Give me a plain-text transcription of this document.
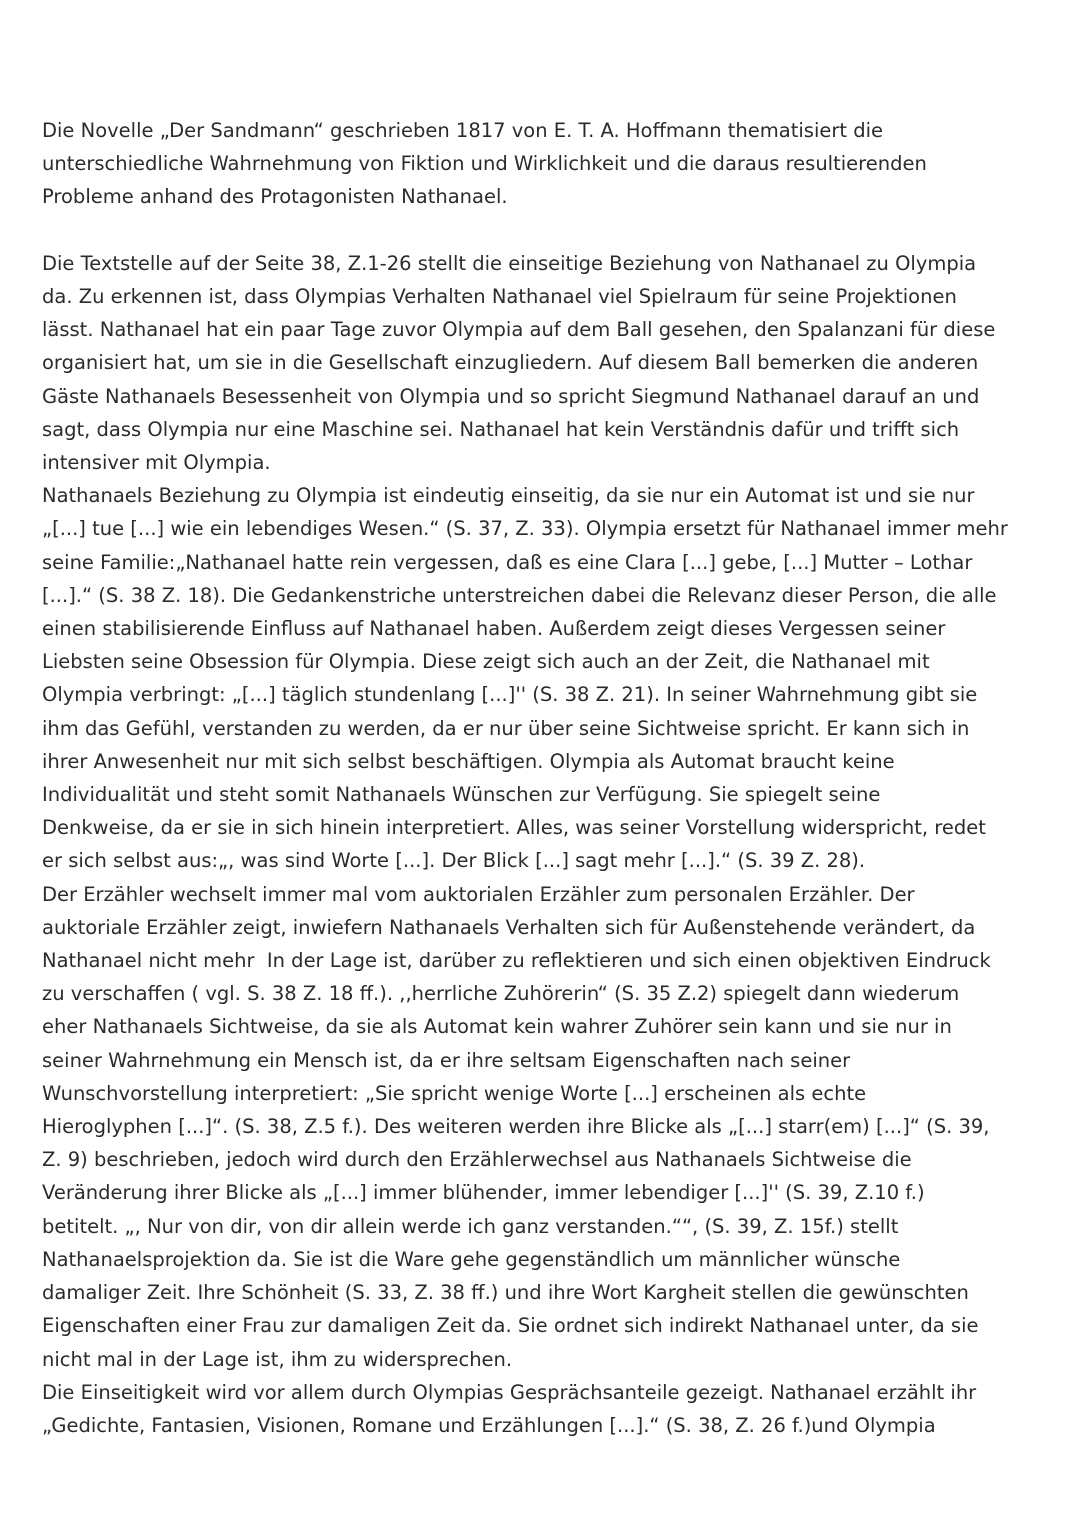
Die Novelle „Der Sandmann“ geschrieben 1817 von E. T. A. Hoffmann thematisiert die
unterschiedliche Wahrnehmung von Fiktion und Wirklichkeit und die daraus resultierenden
Probleme anhand des Protagonisten Nathanael.

Die Textstelle auf der Seite 38, Z.1-26 stellt die einseitige Beziehung von Nathanael zu Olympia
da. Zu erkennen ist, dass Olympias Verhalten Nathanael viel Spielraum für seine Projektionen
lässt. Nathanael hat ein paar Tage zuvor Olympia auf dem Ball gesehen, den Spalanzani für diese
organisiert hat, um sie in die Gesellschaft einzugliedern. Auf diesem Ball bemerken die anderen
Gäste Nathanaels Besessenheit von Olympia und so spricht Siegmund Nathanael darauf an und
sagt, dass Olympia nur eine Maschine sei. Nathanael hat kein Verständnis dafür und trifft sich
intensiver mit Olympia.

Nathanaels Beziehung zu Olympia ist eindeutig einseitig, da sie nur ein Automat ist und sie nur
„[...] tue [...] wie ein lebendiges Wesen.“ (S. 37, Z. 33). Olympia ersetzt für Nathanael immer mehr
seine Familie:„Nathanael hatte rein vergessen, daß es eine Clara [...] gebe, [...] Mutter – Lothar
[...].“ (S. 38 Z. 18). Die Gedankenstriche unterstreichen dabei die Relevanz dieser Person, die alle
einen stabilisierende Einfluss auf Nathanael haben. Außerdem zeigt dieses Vergessen seiner
Liebsten seine Obsession für Olympia. Diese zeigt sich auch an der Zeit, die Nathanael mit
Olympia verbringt: „[...] täglich stundenlang [...]'' (S. 38 Z. 21). In seiner Wahrnehmung gibt sie
ihm das Gefühl, verstanden zu werden, da er nur über seine Sichtweise spricht. Er kann sich in
ihrer Anwesenheit nur mit sich selbst beschäftigen. Olympia als Automat braucht keine
Individualität und steht somit Nathanaels Wünschen zur Verfügung. Sie spiegelt seine
Denkweise, da er sie in sich hinein interpretiert. Alles, was seiner Vorstellung widerspricht, redet
er sich selbst aus:„, was sind Worte [...]. Der Blick [...] sagt mehr [...].“ (S. 39 Z. 28).

Der Erzähler wechselt immer mal vom auktorialen Erzähler zum personalen Erzähler. Der
auktoriale Erzähler zeigt, inwiefern Nathanaels Verhalten sich für Außenstehende verändert, da
Nathanael nicht mehr  In der Lage ist, darüber zu reflektieren und sich einen objektiven Eindruck
zu verschaffen ( vgl. S. 38 Z. 18 ff.). ,,herrliche Zuhörerin“ (S. 35 Z.2) spiegelt dann wiederum
eher Nathanaels Sichtweise, da sie als Automat kein wahrer Zuhörer sein kann und sie nur in
seiner Wahrnehmung ein Mensch ist, da er ihre seltsam Eigenschaften nach seiner
Wunschvorstellung interpretiert: „Sie spricht wenige Worte [...] erscheinen als echte
Hieroglyphen [...]“. (S. 38, Z.5 f.). Des weiteren werden ihre Blicke als „[...] starr(em) [...]“ (S. 39,
Z. 9) beschrieben, jedoch wird durch den Erzählerwechsel aus Nathanaels Sichtweise die
Veränderung ihrer Blicke als „[...] immer blühender, immer lebendiger [...]'' (S. 39, Z.10 f.)
betitelt. „, Nur von dir, von dir allein werde ich ganz verstanden.““, (S. 39, Z. 15f.) stellt
Nathanaelsprojektion da. Sie ist die Ware gehe gegenständlich um männlicher wünsche
damaliger Zeit. Ihre Schönheit (S. 33, Z. 38 ff.) und ihre Wort Kargheit stellen die gewünschten
Eigenschaften einer Frau zur damaligen Zeit da. Sie ordnet sich indirekt Nathanael unter, da sie
nicht mal in der Lage ist, ihm zu widersprechen.

Die Einseitigkeit wird vor allem durch Olympias Gesprächsanteile gezeigt. Nathanael erzählt ihr
„Gedichte, Fantasien, Visionen, Romane und Erzählungen [...].“ (S. 38, Z. 26 f.)und Olympia
